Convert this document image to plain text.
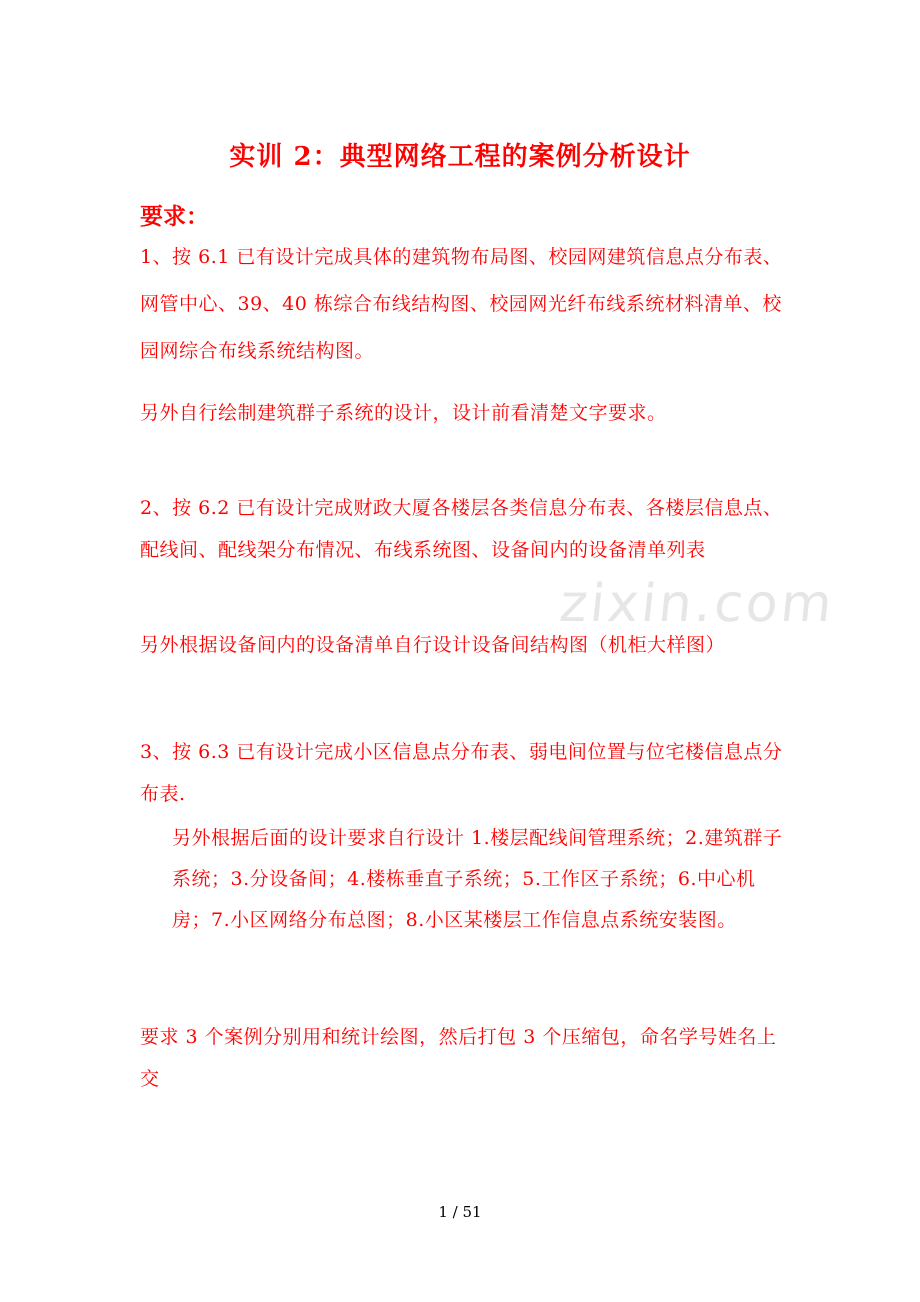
实训 2：典型网络工程的案例分析设计
要求：
1、按 6.1 已有设计完成具体的建筑物布局图、校园网建筑信息点分布表、网管中心、39、40 栋综合布线结构图、校园网光纤布线系统材料清单、校园网综合布线系统结构图。
另外自行绘制建筑群子系统的设计，设计前看清楚文字要求。
2、按 6.2 已有设计完成财政大厦各楼层各类信息分布表、各楼层信息点、配线间、配线架分布情况、布线系统图、设备间内的设备清单列表
另外根据设备间内的设备清单自行设计设备间结构图（机柜大样图）
3、按 6.3 已有设计完成小区信息点分布表、弱电间位置与位宅楼信息点分布表.
另外根据后面的设计要求自行设计 1.楼层配线间管理系统；2.建筑群子系统；3.分设备间；4.楼栋垂直子系统；5.工作区子系统；6.中心机房；7.小区网络分布总图；8.小区某楼层工作信息点系统安装图。
要求 3 个案例分别用和统计绘图，然后打包 3 个压缩包，命名学号姓名上交
zixin.com
1 / 51
